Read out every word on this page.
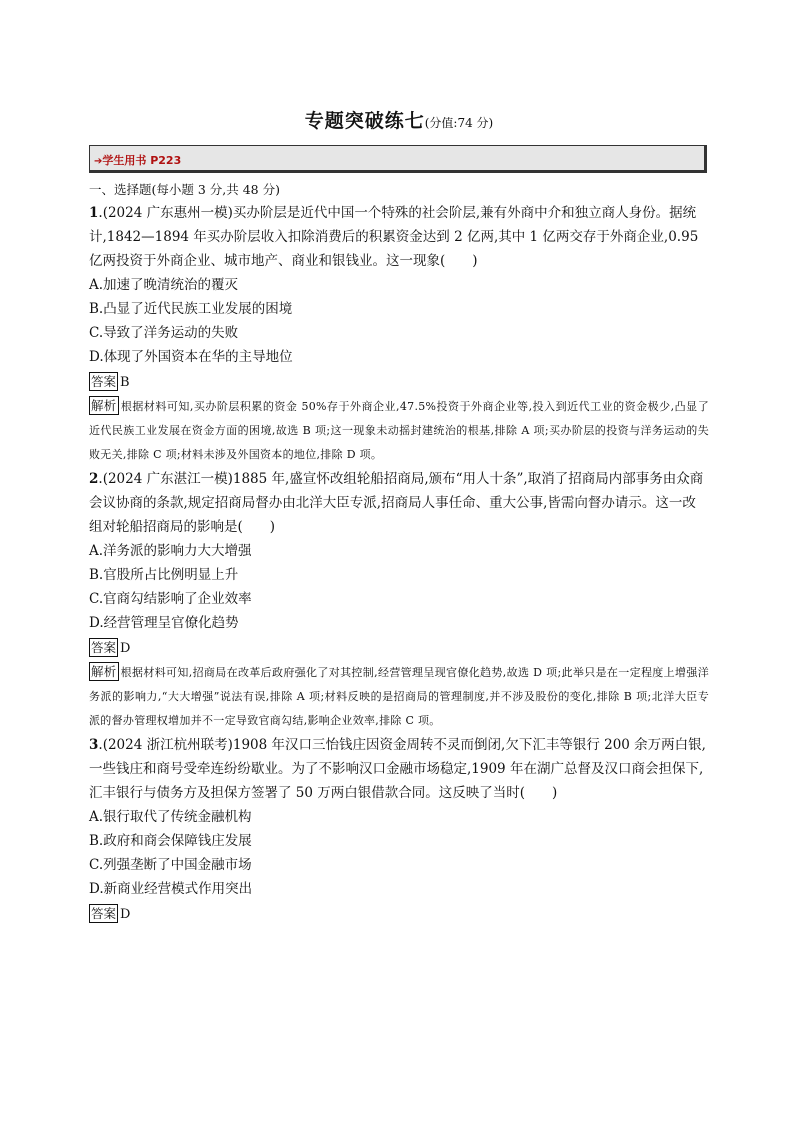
专题突破练七(分值:74 分)
➔学生用书 P223
一、选择题(每小题 3 分,共 48 分)
1.(2024 广东惠州一模)买办阶层是近代中国一个特殊的社会阶层,兼有外商中介和独立商人身份。据统计,1842—1894 年买办阶层收入扣除消费后的积累资金达到 2 亿两,其中 1 亿两交存于外商企业,0.95 亿两投资于外商企业、城市地产、商业和银钱业。这一现象(　　)
A.加速了晚清统治的覆灭
B.凸显了近代民族工业发展的困境
C.导致了洋务运动的失败
D.体现了外国资本在华的主导地位
答案 B
解析 根据材料可知,买办阶层积累的资金 50%存于外商企业,47.5%投资于外商企业等,投入到近代工业的资金极少,凸显了近代民族工业发展在资金方面的困境,故选 B 项;这一现象未动摇封建统治的根基,排除 A 项;买办阶层的投资与洋务运动的失败无关,排除 C 项;材料未涉及外国资本的地位,排除 D 项。
2.(2024 广东湛江一模)1885 年,盛宣怀改组轮船招商局,颁布“用人十条”,取消了招商局内部事务由众商会议协商的条款,规定招商局督办由北洋大臣专派,招商局人事任命、重大公事,皆需向督办请示。这一改组对轮船招商局的影响是(　　)
A.洋务派的影响力大大增强
B.官股所占比例明显上升
C.官商勾结影响了企业效率
D.经营管理呈官僚化趋势
答案 D
解析 根据材料可知,招商局在改革后政府强化了对其控制,经营管理呈现官僚化趋势,故选 D 项;此举只是在一定程度上增强洋务派的影响力,“大大增强”说法有误,排除 A 项;材料反映的是招商局的管理制度,并不涉及股份的变化,排除 B 项;北洋大臣专派的督办管理权增加并不一定导致官商勾结,影响企业效率,排除 C 项。
3.(2024 浙江杭州联考)1908 年汉口三怡钱庄因资金周转不灵而倒闭,欠下汇丰等银行 200 余万两白银,一些钱庄和商号受牵连纷纷歇业。为了不影响汉口金融市场稳定,1909 年在湖广总督及汉口商会担保下,汇丰银行与债务方及担保方签署了 50 万两白银借款合同。这反映了当时(　　)
A.银行取代了传统金融机构
B.政府和商会保障钱庄发展
C.列强垄断了中国金融市场
D.新商业经营模式作用突出
答案 D
